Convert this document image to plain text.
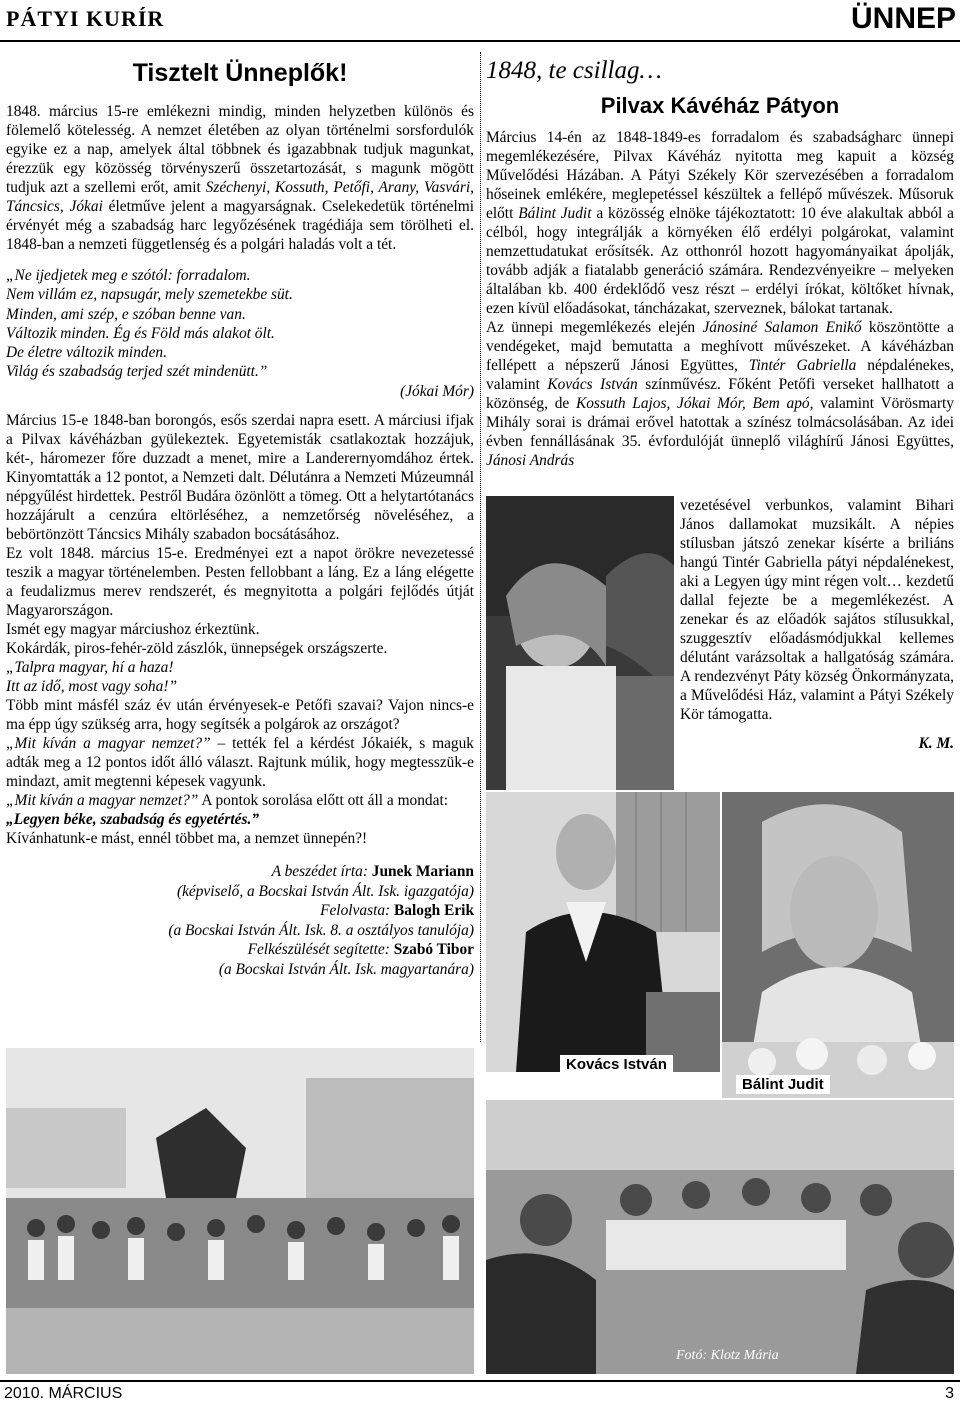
PÁTYI KURÍR	ÜNNEP
Tisztelt Ünneplők!

1848. március 15-re emlékezni mindig, minden helyzetben különös és fölemelő kötelesség. A nemzet életében az olyan történelmi sorsfordulók egyike ez a nap, amelyek által többnek és igazabbnak tudjuk magunkat, érezzük egy közösség törvényszerű összetartozását, s magunk mögött tudjuk azt a szellemi erőt, amit Széchenyi, Kossuth, Petőfi, Arany, Vasvári, Táncsics, Jókai életműve jelent a magyarságnak. Cselekedetük történelmi érvényét még a szabadság harc legyőzésének tragédiája sem törölheti el. 1848-ban a nemzeti függetlenség és a polgári haladás volt a tét.

„Ne ijedjetek meg e szótól: forradalom.
Nem villám ez, napsugár, mely szemetekbe süt.
Minden, ami szép, e szóban benne van.
Változik minden. Ég és Föld más alakot ölt.
De életre változik minden.
Világ és szabadság terjed szét mindenütt.”
(Jókai Mór)

Március 15-e 1848-ban borongós, esős szerdai napra esett. A márciusi ifjak a Pilvax kávéházban gyülekeztek. Egyetemisták csatlakoztak hozzájuk, két-, háromezer főre duzzadt a menet, mire a Landerernyomdához értek. Kinyomtatták a 12 pontot, a Nemzeti dalt. Délutánra a Nemzeti Múzeumnál népgyűlést hirdettek. Pestről Budára özönlött a tömeg. Ott a helytartótanács hozzájárult a cenzúra eltörléséhez, a nemzetőrség növeléséhez, a bebörtönzött Táncsics Mihály szabadon bocsátásához.

Ez volt 1848. március 15-e. Eredményei ezt a napot örökre nevezetessé teszik a magyar történelemben. Pesten fellobbant a láng. Ez a láng elégette a feudalizmus merev rendszerét, és megnyitotta a polgári fejlődés útját Magyarországon.

Ismét egy magyar márciushoz érkeztünk.

Kokárdák, piros-fehér-zöld zászlók, ünnepségek országszerte.

„Talpra magyar, hí a haza!

Itt az idő, most vagy soha!”

Több mint másfél száz év után érvényesek-e Petőfi szavai? Vajon nincs-e ma épp úgy szükség arra, hogy segítsék a polgárok az országot?

„Mit kíván a magyar nemzet?” – tették fel a kérdést Jókaiék, s maguk adták meg a 12 pontos időt álló választ. Rajtunk múlik, hogy megtesszük-e mindazt, amit megtenni képesek vagyunk.

„Mit kíván a magyar nemzet?” A pontok sorolása előtt ott áll a mondat:

„Legyen béke, szabadság és egyetértés.”

Kívánhatunk-e mást, ennél többet ma, a nemzet ünnepén?!

A beszédet írta: Junek Mariann
(képviselő, a Bocskai István Ált. Isk. igazgatója)
Felolvasta: Balogh Erik
(a Bocskai István Ált. Isk. 8. a osztályos tanulója)
Felkészülését segítette: Szabó Tibor
(a Bocskai István Ált. Isk. magyartanára)
1848, te csillag…
Pilvax Kávéház Pátyon

Március 14-én az 1848-1849-es forradalom és szabadságharc ünnepi megemlékezésére, Pilvax Kávéház nyitotta meg kapuit a község Művelődési Házában. A Pátyi Székely Kör szervezésében a forradalom hőseinek emlékére, meglepetéssel készültek a fellépő művészek. Műsoruk előtt Bálint Judit a közösség elnöke tájékoztatott: 10 éve alakultak abból a célból, hogy integrálják a környéken élő erdélyi polgárokat, valamint nemzettudatukat erősítsék. Az otthonról hozott hagyományaikat ápolják, tovább adják a fiatalabb generáció számára. Rendezvényeikre – melyeken általában kb. 400 érdeklődő vesz részt – erdélyi írókat, költőket hívnak, ezen kívül előadásokat, táncházakat, szerveznek, bálokat tartanak.

Az ünnepi megemlékezés elején Jánosiné Salamon Enikő köszöntötte a vendégeket, majd bemutatta a meghívott művészeket. A kávéházban fellépett a népszerű Jánosi Együttes, Tintér Gabriella népdalénekes, valamint Kovács István színművész. Főként Petőfi verseket hallhatott a közönség, de Kossuth Lajos, Jókai Mór, Bem apó, valamint Vörösmarty Mihály sorai is drámai erővel hatottak a színész tolmácsolásában. Az idei évben fennállásának 35. évfordulóját ünneplő világhírű Jánosi Együttes, Jánosi András

vezetésével verbunkos, valamint Bihari János dallamokat muzsikált. A népies stílusban játszó zenekar kísérte a briliáns hangú Tintér Gabriella pátyi népdalénekest, aki a Legyen úgy mint régen volt… kezdetű dallal fejezte be a megemlékezést. A zenekar és az előadók sajátos stílusukkal, szuggesztív előadásmódjukkal kellemes délutánt varázsoltak a hallgatóság számára. A rendezvényt Páty község Önkormányzata, a Művelődési Ház, valamint a Pátyi Székely Kör támogatta.

K. M.
Kovács István
Bálint Judit
Fotó: Klotz Mária
2010. MÁRCIUS	3
